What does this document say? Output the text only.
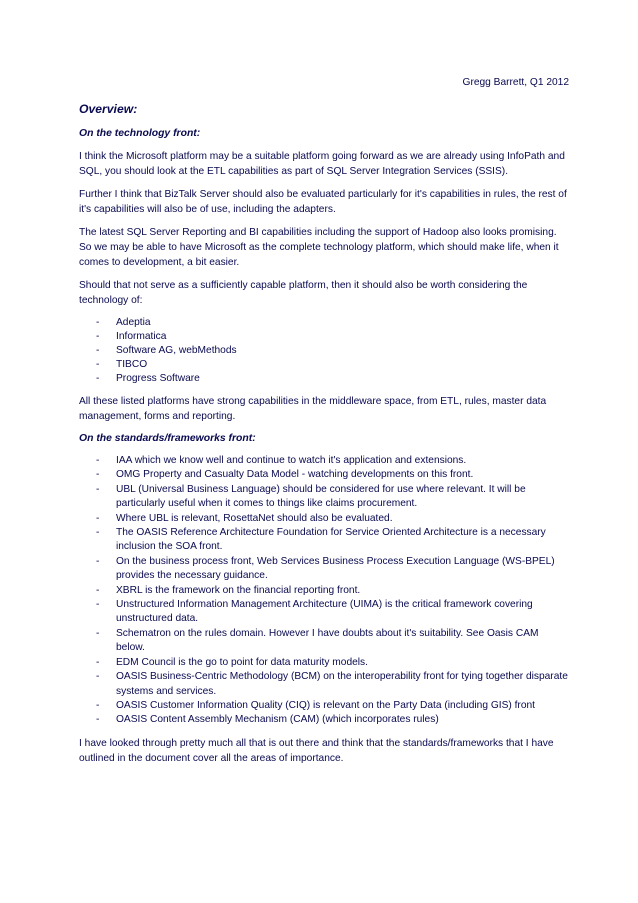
Gregg Barrett, Q1 2012

Overview:

On the technology front:

I think the Microsoft platform may be a suitable platform going forward as we are already using InfoPath and SQL, you should look at the ETL capabilities as part of SQL Server Integration Services (SSIS).

Further I think that BizTalk Server should also be evaluated particularly for it's capabilities in rules, the rest of it's capabilities will also be of use, including the adapters.

The latest SQL Server Reporting and BI capabilities including the support of Hadoop also looks promising. So we may be able to have Microsoft as the complete technology platform, which should make life, when it comes to development, a bit easier.

Should that not serve as a sufficiently capable platform, then it should also be worth considering the technology of:

- Adeptia
- Informatica
- Software AG, webMethods
- TIBCO
- Progress Software

All these listed platforms have strong capabilities in the middleware space, from ETL, rules, master data management, forms and reporting.

On the standards/frameworks front:

- IAA which we know well and continue to watch it's application and extensions.
- OMG Property and Casualty Data Model - watching developments on this front.
- UBL (Universal Business Language) should be considered for use where relevant. It will be particularly useful when it comes to things like claims procurement.
- Where UBL is relevant, RosettaNet should also be evaluated.
- The OASIS Reference Architecture Foundation for Service Oriented Architecture is a necessary inclusion the SOA front.
- On the business process front, Web Services Business Process Execution Language (WS-BPEL) provides the necessary guidance.
- XBRL is the framework on the financial reporting front.
- Unstructured Information Management Architecture (UIMA) is the critical framework covering unstructured data.
- Schematron on the rules domain. However I have doubts about it's suitability. See Oasis CAM below.
- EDM Council is the go to point for data maturity models.
- OASIS Business-Centric Methodology (BCM) on the interoperability front for tying together disparate systems and services.
- OASIS Customer Information Quality (CIQ) is relevant on the Party Data (including GIS) front
- OASIS Content Assembly Mechanism (CAM) (which incorporates rules)

I have looked through pretty much all that is out there and think that the standards/frameworks that I have outlined in the document cover all the areas of importance.
